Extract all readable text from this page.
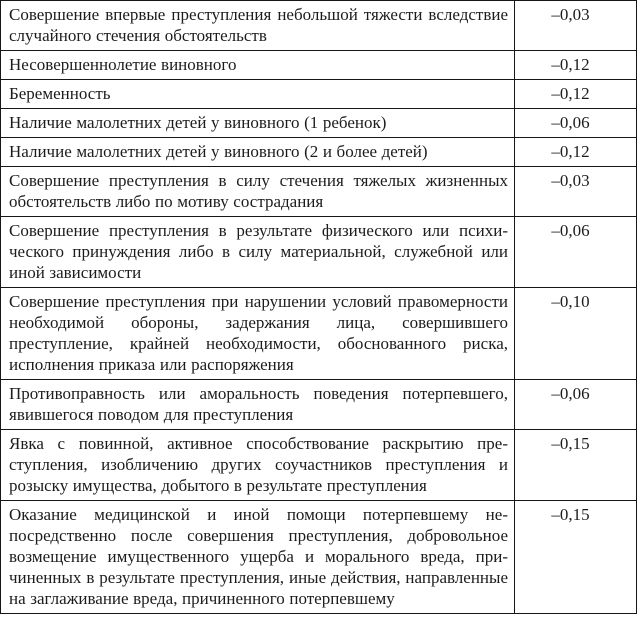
Совершение впервые преступления небольшой тяжести вследствие случайного стечения обстоятельств	–0,03
Несовершеннолетие виновного	–0,12
Беременность	–0,12
Наличие малолетних детей у виновного (1 ребенок)	–0,06
Наличие малолетних детей у виновного (2 и более детей)	–0,12
Совершение преступления в силу стечения тяжелых жизненных обстоятельств либо по мотиву сострадания	–0,03
Совершение преступления в результате физического или психического принуждения либо в силу материальной, служебной или иной зависимости	–0,06
Совершение преступления при нарушении условий правомерности необходимой обороны, задержания лица, совершившего преступление, крайней необходимости, обоснованного риска, исполнения приказа или распоряжения	–0,10
Противоправность или аморальность поведения потерпевшего, явившегося поводом для преступления	–0,06
Явка с повинной, активное способствование раскрытию преступления, изобличению других соучастников преступления и розыску имущества, добытого в результате преступления	–0,15
Оказание медицинской и иной помощи потерпевшему непосредственно после совершения преступления, добровольное возмещение имущественного ущерба и морального вреда, причиненных в результате преступления, иные действия, направленные на заглаживание вреда, причиненного потерпевшему	–0,15
